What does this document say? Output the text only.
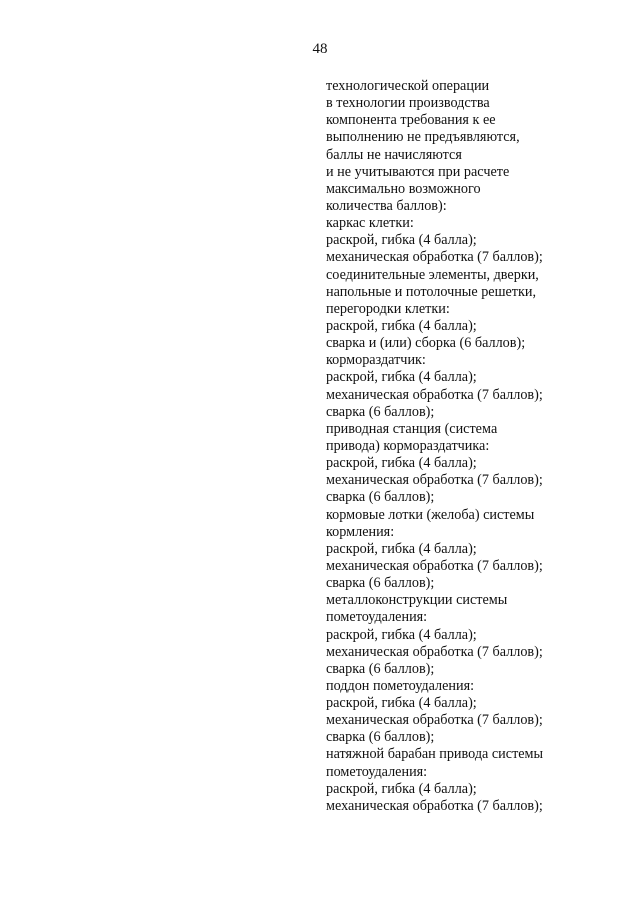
48
технологической операции
в технологии производства
компонента требования к ее
выполнению не предъявляются,
баллы не начисляются
и не учитываются при расчете
максимально возможного
количества баллов):
каркас клетки:
раскрой, гибка (4 балла);
механическая обработка (7 баллов);
соединительные элементы, дверки,
напольные и потолочные решетки,
перегородки клетки:
раскрой, гибка (4 балла);
сварка и (или) сборка (6 баллов);
кормораздатчик:
раскрой, гибка (4 балла);
механическая обработка (7 баллов);
сварка (6 баллов);
приводная станция (системa
привода) кормораздатчика:
раскрой, гибка (4 балла);
механическая обработка (7 баллов);
сварка (6 баллов);
кормовые лотки (желоба) системы
кормления:
раскрой, гибка (4 балла);
механическая обработка (7 баллов);
сварка (6 баллов);
металлоконструкции системы
пометоудаления:
раскрой, гибка (4 балла);
механическая обработка (7 баллов);
сварка (6 баллов);
поддон пометоудаления:
раскрой, гибка (4 балла);
механическая обработка (7 баллов);
сварка (6 баллов);
натяжной барабан привода системы
пометоудаления:
раскрой, гибка (4 балла);
механическая обработка (7 баллов);
